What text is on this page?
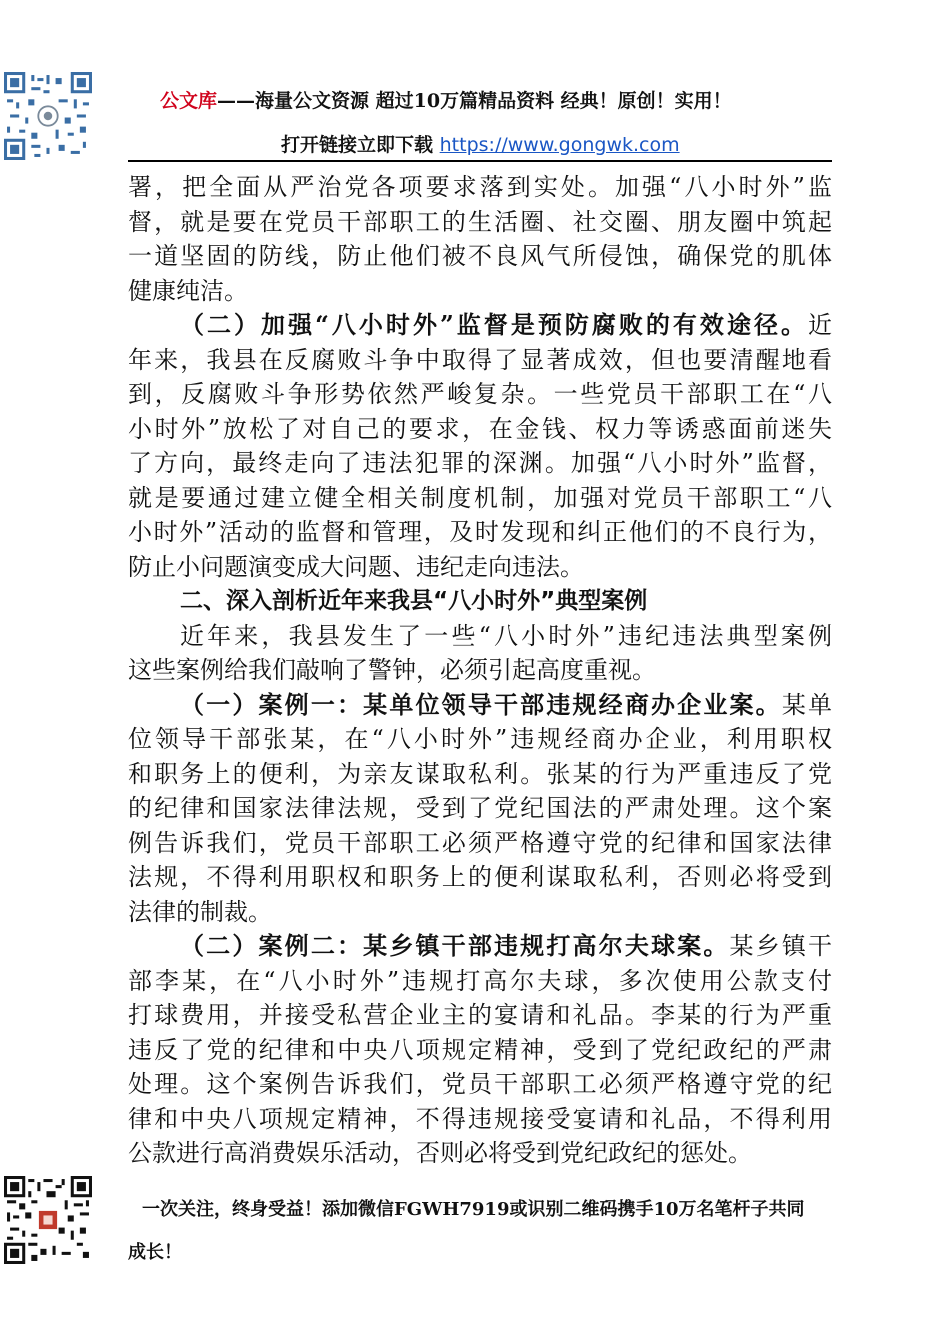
公文库——海量公文资源 超过10万篇精品资料 经典！原创！实用！
打开链接立即下载 https://www.gongwk.com
署，把全面从严治党各项要求落到实处。加强“八小时外”监
督，就是要在党员干部职工的生活圈、社交圈、朋友圈中筑起
一道坚固的防线，防止他们被不良风气所侵蚀，确保党的肌体
健康纯洁。
（二）加强“八小时外”监督是预防腐败的有效途径。近
年来，我县在反腐败斗争中取得了显著成效，但也要清醒地看
到，反腐败斗争形势依然严峻复杂。一些党员干部职工在“八
小时外”放松了对自己的要求，在金钱、权力等诱惑面前迷失
了方向，最终走向了违法犯罪的深渊。加强“八小时外”监督，
就是要通过建立健全相关制度机制，加强对党员干部职工“八
小时外”活动的监督和管理，及时发现和纠正他们的不良行为，
防止小问题演变成大问题、违纪走向违法。
二、深入剖析近年来我县“八小时外”典型案例
近年来，我县发生了一些“八小时外”违纪违法典型案例
这些案例给我们敲响了警钟，必须引起高度重视。
（一）案例一：某单位领导干部违规经商办企业案。某单
位领导干部张某，在“八小时外”违规经商办企业，利用职权
和职务上的便利，为亲友谋取私利。张某的行为严重违反了党
的纪律和国家法律法规，受到了党纪国法的严肃处理。这个案
例告诉我们，党员干部职工必须严格遵守党的纪律和国家法律
法规，不得利用职权和职务上的便利谋取私利，否则必将受到
法律的制裁。
（二）案例二：某乡镇干部违规打高尔夫球案。某乡镇干
部李某，在“八小时外”违规打高尔夫球，多次使用公款支付
打球费用，并接受私营企业主的宴请和礼品。李某的行为严重
违反了党的纪律和中央八项规定精神，受到了党纪政纪的严肃
处理。这个案例告诉我们，党员干部职工必须严格遵守党的纪
律和中央八项规定精神，不得违规接受宴请和礼品，不得利用
公款进行高消费娱乐活动，否则必将受到党纪政纪的惩处。
一次关注，终身受益！添加微信FGWH7919或识别二维码携手10万名笔杆子共同
成长！
